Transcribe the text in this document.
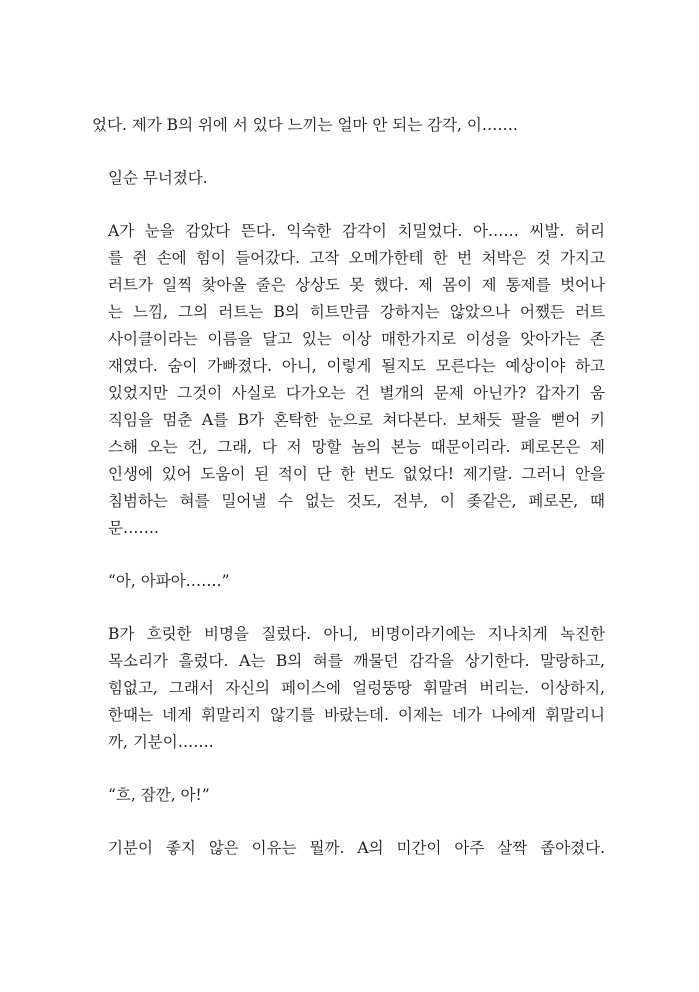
었다. 제가 B의 위에 서 있다 느끼는 얼마 안 되는 감각, 이…….

일순 무너졌다.

A가 눈을 감았다 뜬다. 익숙한 감각이 치밀었다. 아…… 씨발. 허리
를 쥔 손에 힘이 들어갔다. 고작 오메가한테 한 번 처박은 것 가지고
러트가 일찍 찾아올 줄은 상상도 못 했다. 제 몸이 제 통제를 벗어나
는 느낌, 그의 러트는 B의 히트만큼 강하지는 않았으나 어쨌든 러트
사이클이라는 이름을 달고 있는 이상 매한가지로 이성을 앗아가는 존
재였다. 숨이 가빠졌다. 아니, 이렇게 될지도 모른다는 예상이야 하고
있었지만 그것이 사실로 다가오는 건 별개의 문제 아닌가? 갑자기 움
직임을 멈춘 A를 B가 혼탁한 눈으로 쳐다본다. 보채듯 팔을 뻗어 키
스해 오는 건, 그래, 다 저 망할 놈의 본능 때문이리라. 페로몬은 제
인생에 있어 도움이 된 적이 단 한 번도 없었다! 제기랄. 그러니 안을
침범하는 혀를 밀어낼 수 없는 것도, 전부, 이 좆같은, 페로몬, 때
문…….

“아, 아파아…….”

B가 흐릿한 비명을 질렀다. 아니, 비명이라기에는 지나치게 녹진한
목소리가 흘렀다. A는 B의 혀를 깨물던 감각을 상기한다. 말랑하고,
힘없고, 그래서 자신의 페이스에 얼렁뚱땅 휘말려 버리는. 이상하지,
한때는 네게 휘말리지 않기를 바랐는데. 이제는 네가 나에게 휘말리니
까, 기분이…….

“흐, 잠깐, 아!”

기분이 좋지 않은 이유는 뭘까. A의 미간이 아주 살짝 좁아졌다.
